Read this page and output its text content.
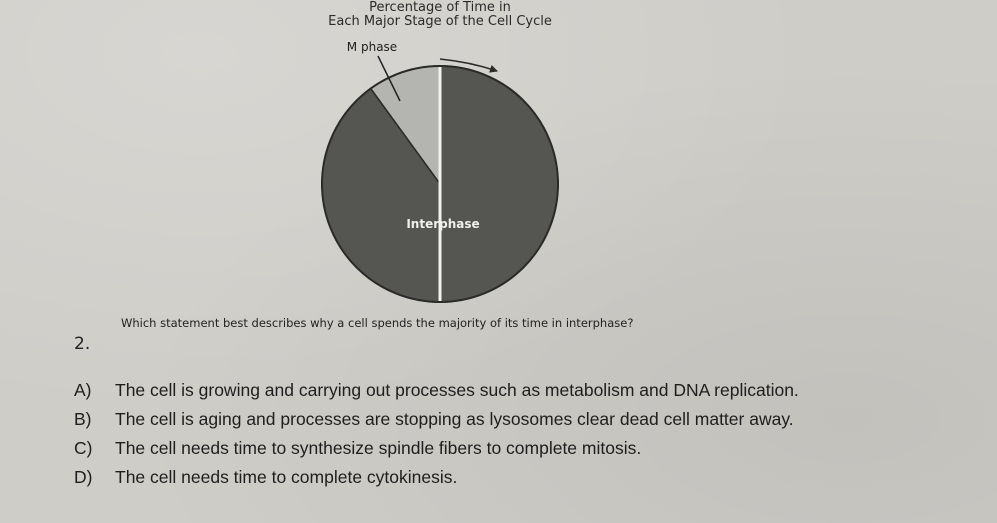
Percentage of Time in
Each Major Stage of the Cell Cycle
M phase
Interphase
2.
Which statement best describes why a cell spends the majority of its time in interphase?
A)	The cell is growing and carrying out processes such as metabolism and DNA replication.
B)	The cell is aging and processes are stopping as lysosomes clear dead cell matter away.
C)	The cell needs time to synthesize spindle fibers to complete mitosis.
D)	The cell needs time to complete cytokinesis.
